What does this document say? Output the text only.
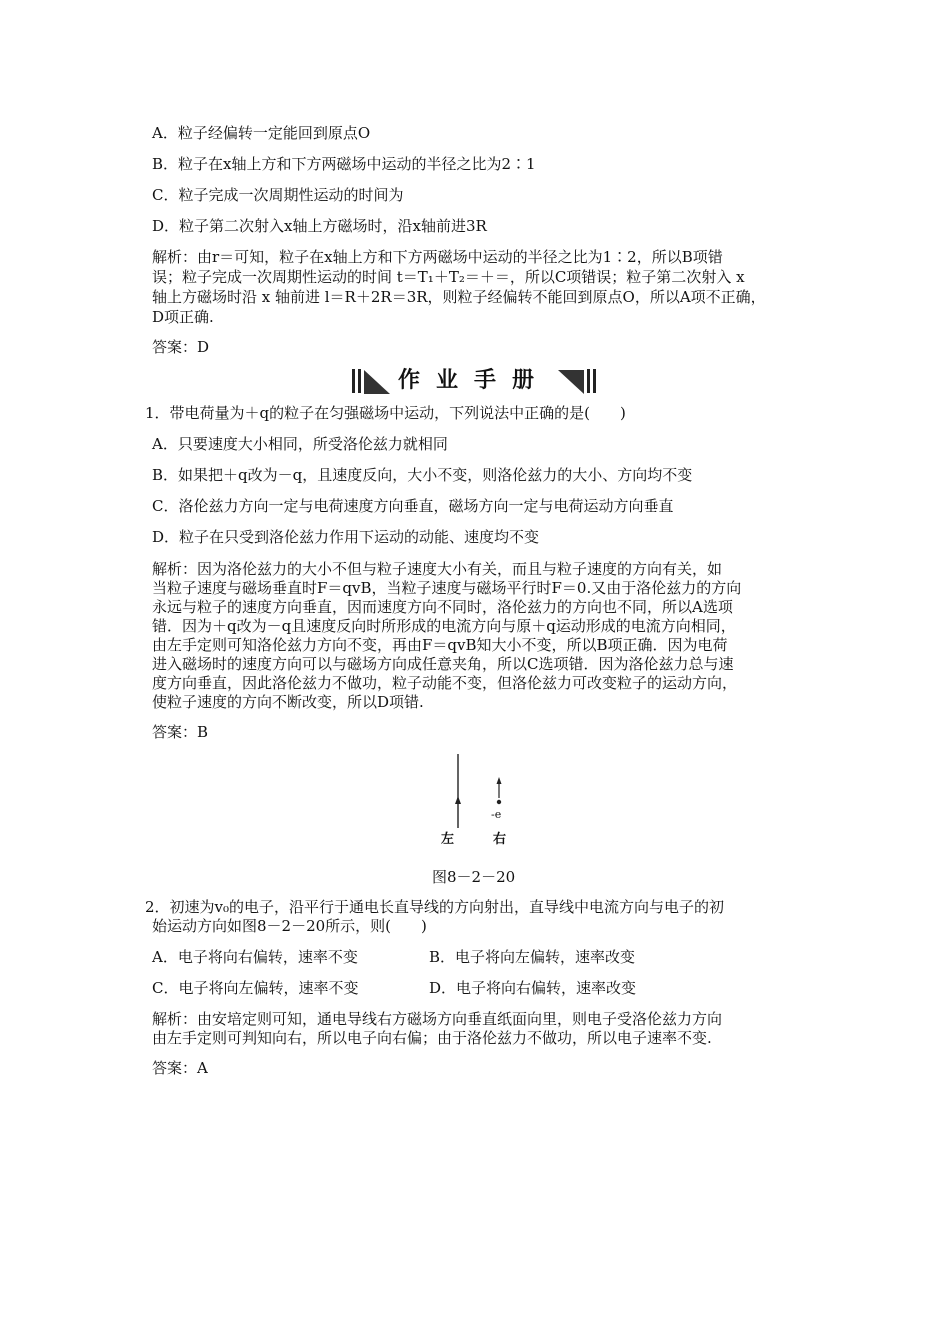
A．粒子经偏转一定能回到原点O
B．粒子在x轴上方和下方两磁场中运动的半径之比为2∶1
C．粒子完成一次周期性运动的时间为
D．粒子第二次射入x轴上方磁场时，沿x轴前进3R
解析：由r＝可知，粒子在x轴上方和下方两磁场中运动的半径之比为1∶2，所以B项错
误；粒子完成一次周期性运动的时间 t＝T₁＋T₂＝＋＝，所以C项错误；粒子第二次射入 x
轴上方磁场时沿 x 轴前进 l＝R＋2R＝3R，则粒子经偏转不能回到原点O，所以A项不正确，
D项正确.
答案：D
作业手册
1．带电荷量为＋q的粒子在匀强磁场中运动，下列说法中正确的是(　　)
A．只要速度大小相同，所受洛伦兹力就相同
B．如果把＋q改为－q，且速度反向，大小不变，则洛伦兹力的大小、方向均不变
C．洛伦兹力方向一定与电荷速度方向垂直，磁场方向一定与电荷运动方向垂直
D．粒子在只受到洛伦兹力作用下运动的动能、速度均不变
解析：因为洛伦兹力的大小不但与粒子速度大小有关，而且与粒子速度的方向有关，如
当粒子速度与磁场垂直时F＝qvB，当粒子速度与磁场平行时F＝0.又由于洛伦兹力的方向
永远与粒子的速度方向垂直，因而速度方向不同时，洛伦兹力的方向也不同，所以A选项
错．因为＋q改为－q且速度反向时所形成的电流方向与原＋q运动形成的电流方向相同，
由左手定则可知洛伦兹力方向不变，再由F＝qvB知大小不变，所以B项正确．因为电荷
进入磁场时的速度方向可以与磁场方向成任意夹角，所以C选项错．因为洛伦兹力总与速
度方向垂直，因此洛伦兹力不做功，粒子动能不变，但洛伦兹力可改变粒子的运动方向，
使粒子速度的方向不断改变，所以D项错.
答案：B
-e
左	右
图8－2－20
2．初速为v₀的电子，沿平行于通电长直导线的方向射出，直导线中电流方向与电子的初
始运动方向如图8－2－20所示，则(　　)
A．电子将向右偏转，速率不变	B．电子将向左偏转，速率改变
C．电子将向左偏转，速率不变	D．电子将向右偏转，速率改变
解析：由安培定则可知，通电导线右方磁场方向垂直纸面向里，则电子受洛伦兹力方向
由左手定则可判知向右，所以电子向右偏；由于洛伦兹力不做功，所以电子速率不变.
答案：A
